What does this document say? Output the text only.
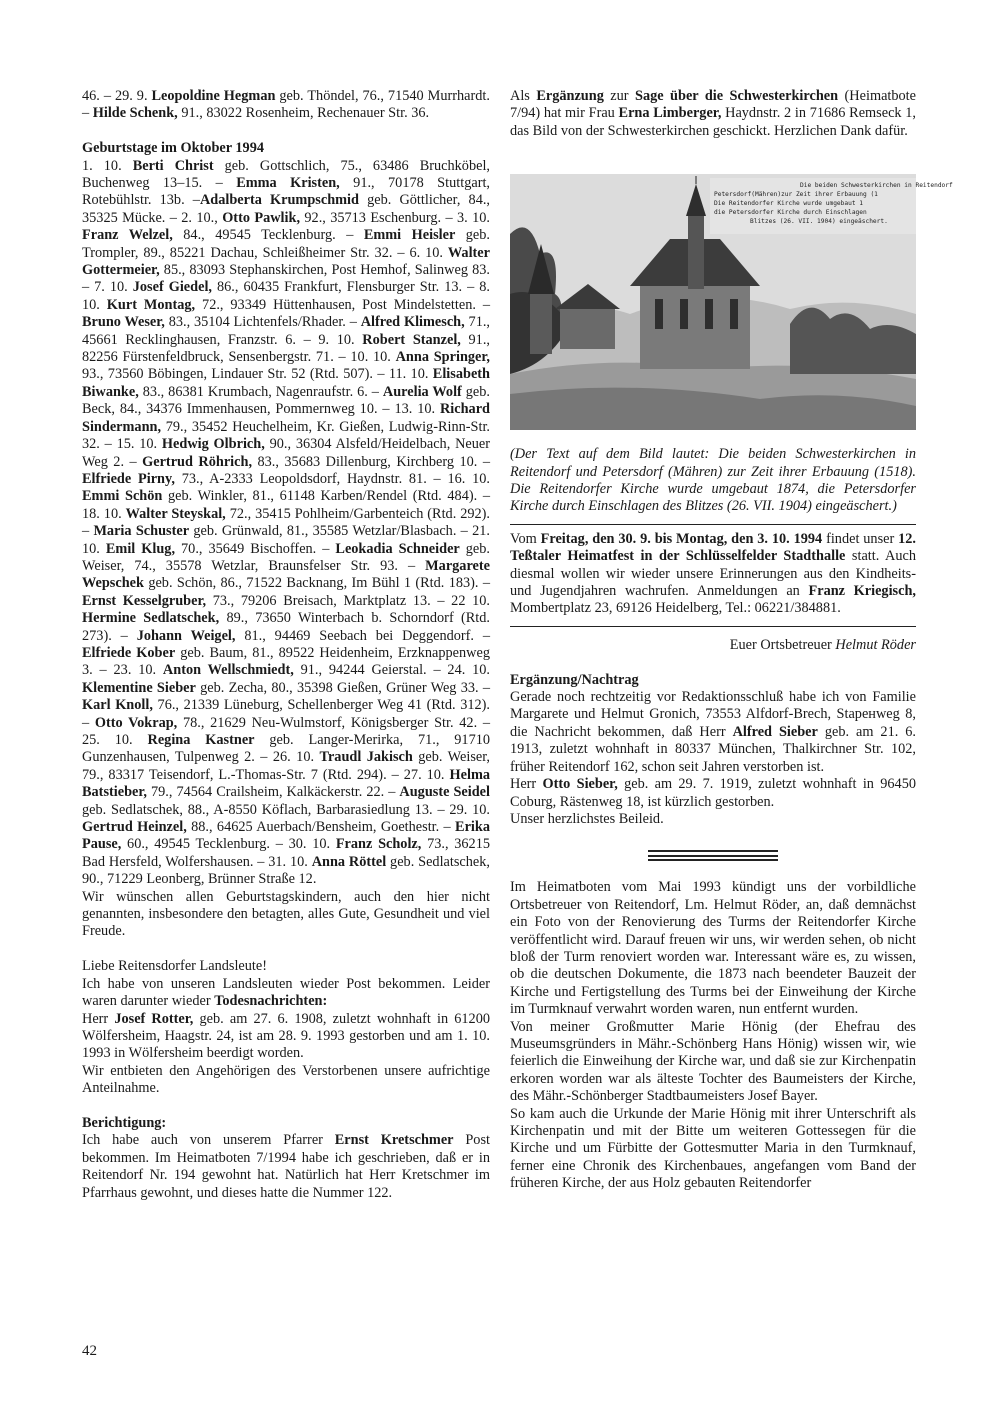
46. – 29. 9. Leopoldine Hegman geb. Thöndel, 76., 71540 Murrhardt. – Hilde Schenk, 91., 83022 Rosenheim, Rechenauer Str. 36.

Geburtstage im Oktober 1994

1. 10. Berti Christ geb. Gottschlich, 75., 63486 Bruchköbel, Buchenweg 13–15. – Emma Kristen, 91., 70178 Stuttgart, Rotebühlstr. 13b. –Adalberta Krumpschmid geb. Göttlicher, 84., 35325 Mücke. – 2. 10., Otto Pawlik, 92., 35713 Eschenburg. – 3. 10. Franz Welzel, 84., 49545 Tecklenburg. – Emmi Heisler geb. Trompler, 89., 85221 Dachau, Schleißheimer Str. 32. – 6. 10. Walter Gottermeier, 85., 83093 Stephanskirchen, Post Hemhof, Salinweg 83. – 7. 10. Josef Giedel, 86., 60435 Frankfurt, Flensburger Str. 13. – 8. 10. Kurt Montag, 72., 93349 Hüttenhausen, Post Mindelstetten. – Bruno Weser, 83., 35104 Lichtenfels/Rhader. – Alfred Klimesch, 71., 45661 Recklinghausen, Franzstr. 6. – 9. 10. Robert Stanzel, 91., 82256 Fürstenfeldbruck, Sensenbergstr. 71. – 10. 10. Anna Springer, 93., 73560 Böbingen, Lindauer Str. 52 (Rtd. 507). – 11. 10. Elisabeth Biwanke, 83., 86381 Krumbach, Nagenraufstr. 6. – Aurelia Wolf geb. Beck, 84., 34376 Immenhausen, Pommernweg 10. – 13. 10. Richard Sindermann, 79., 35452 Heuchelheim, Kr. Gießen, Ludwig-Rinn-Str. 32. – 15. 10. Hedwig Olbrich, 90., 36304 Alsfeld/Heidelbach, Neuer Weg 2. – Gertrud Röhrich, 83., 35683 Dillenburg, Kirchberg 10. – Elfriede Pirny, 73., A-2333 Leopoldsdorf, Haydnstr. 81. – 16. 10. Emmi Schön geb. Winkler, 81., 61148 Karben/Rendel (Rtd. 484). – 18. 10. Walter Steyskal, 72., 35415 Pohlheim/Garbenteich (Rtd. 292). – Maria Schuster geb. Grünwald, 81., 35585 Wetzlar/Blasbach. – 21. 10. Emil Klug, 70., 35649 Bischoffen. – Leokadia Schneider geb. Weiser, 74., 35578 Wetzlar, Braunsfelser Str. 93. – Margarete Wepschek geb. Schön, 86., 71522 Backnang, Im Bühl 1 (Rtd. 183). – Ernst Kesselgruber, 73., 79206 Breisach, Marktplatz 13. – 22 10. Hermine Sedlatschek, 89., 73650 Winterbach b. Schorndorf (Rtd. 273). – Johann Weigel, 81., 94469 Seebach bei Deggendorf. – Elfriede Kober geb. Baum, 81., 89522 Heidenheim, Erzknappenweg 3. – 23. 10. Anton Wellschmiedt, 91., 94244 Geierstal. – 24. 10. Klementine Sieber geb. Zecha, 80., 35398 Gießen, Grüner Weg 33. – Karl Knoll, 76., 21339 Lüneburg, Schellenberger Weg 41 (Rtd. 312). – Otto Vokrap, 78., 21629 Neu-Wulmstorf, Königsberger Str. 42. – 25. 10. Regina Kastner geb. Langer-Merirka, 71., 91710 Gunzenhausen, Tulpenweg 2. – 26. 10. Traudl Jakisch geb. Weiser, 79., 83317 Teisendorf, L.-Thomas-Str. 7 (Rtd. 294). – 27. 10. Helma Batstieber, 79., 74564 Crailsheim, Kalkäckerstr. 22. – Auguste Seidel geb. Sedlatschek, 88., A-8550 Köflach, Barbarasiedlung 13. – 29. 10. Gertrud Heinzel, 88., 64625 Auerbach/Bensheim, Goethestr. – Erika Pause, 60., 49545 Tecklenburg. – 30. 10. Franz Scholz, 73., 36215 Bad Hersfeld, Wolfershausen. – 31. 10. Anna Röttel geb. Sedlatschek, 90., 71229 Leonberg, Brünner Straße 12.

Wir wünschen allen Geburtstagskindern, auch den hier nicht genannten, insbesondere den betagten, alles Gute, Gesundheit und viel Freude.

Liebe Reitensdorfer Landsleute!

Ich habe von unseren Landsleuten wieder Post bekommen. Leider waren darunter wieder Todesnachrichten:

Herr Josef Rotter, geb. am 27. 6. 1908, zuletzt wohnhaft in 61200 Wölfersheim, Haagstr. 24, ist am 28. 9. 1993 gestorben und am 1. 10. 1993 in Wölfersheim beerdigt worden.

Wir entbieten den Angehörigen des Verstorbenen unsere aufrichtige Anteilnahme.

Berichtigung:

Ich habe auch von unserem Pfarrer Ernst Kretschmer Post bekommen. Im Heimatboten 7/1994 habe ich geschrieben, daß er in Reitendorf Nr. 194 gewohnt hat. Natürlich hat Herr Kretschmer im Pfarrhaus gewohnt, und dieses hatte die Nummer 122.

Als Ergänzung zur Sage über die Schwesterkirchen (Heimatbote 7/94) hat mir Frau Erna Limberger, Haydnstr. 2 in 71686 Remseck 1, das Bild von der Schwesterkirchen geschickt. Herzlichen Dank dafür.

Die beiden Schwesterkirchen in Reitendorf
Petersdorf(Mähren)zur Zeit ihrer Erbauung (1
Die Reitendorfer Kirche wurde umgebaut 1
die Petersdorfer Kirche durch Einschlagen
Blitzes (26. VII. 1904) eingeäschert.

(Der Text auf dem Bild lautet: Die beiden Schwesterkirchen in Reitendorf und Petersdorf (Mähren) zur Zeit ihrer Erbauung (1518). Die Reitendorfer Kirche wurde umgebaut 1874, die Petersdorfer Kirche durch Einschlagen des Blitzes (26. VII. 1904) eingeäschert.)

Vom Freitag, den 30. 9. bis Montag, den 3. 10. 1994 findet unser 12. Teßtaler Heimatfest in der Schlüsselfelder Stadthalle statt. Auch diesmal wollen wir wieder unsere Erinnerungen aus den Kindheits- und Jugendjahren wachrufen. Anmeldungen an Franz Kriegisch, Mombertplatz 23, 69126 Heidelberg, Tel.: 06221/384881.

Euer Ortsbetreuer Helmut Röder

Ergänzung/Nachtrag

Gerade noch rechtzeitig vor Redaktionsschluß habe ich von Familie Margarete und Helmut Gronich, 73553 Alfdorf-Brech, Staренweg 8, die Nachricht bekommen, daß Herr Alfred Sieber geb. am 21. 6. 1913, zuletzt wohnhaft in 80337 München, Thalkirchner Str. 102, früher Reitendorf 162, schon seit Jahren verstorben ist.

Herr Otto Sieber, geb. am 29. 7. 1919, zuletzt wohnhaft in 96450 Coburg, Rästenweg 18, ist kürzlich gestorben.

Unser herzlichstes Beileid.

Im Heimatboten vom Mai 1993 kündigt uns der vorbildliche Ortsbetreuer von Reitendorf, Lm. Helmut Röder, an, daß demnächst ein Foto von der Renovierung des Turms der Reitendorfer Kirche veröffentlicht wird. Darauf freuen wir uns, wir werden sehen, ob nicht bloß der Turm renoviert worden war. Interessant wäre es, zu wissen, ob die deutschen Dokumente, die 1873 nach beendeter Bauzeit der Kirche und Fertigstellung des Turms bei der Einweihung der Kirche im Turmknauf verwahrt worden waren, nun entfernt wurden.

Von meiner Großmutter Marie Hönig (der Ehefrau des Museumsgründers in Mähr.-Schönberg Hans Hönig) wissen wir, wie feierlich die Einweihung der Kirche war, und daß sie zur Kirchenpatin erkoren worden war als älteste Tochter des Baumeisters der Kirche, des Mähr.-Schönberger Stadtbaumeisters Josef Bayer.

So kam auch die Urkunde der Marie Hönig mit ihrer Unterschrift als Kirchenpatin und mit der Bitte um weiteren Gottessegen für die Kirche und um Fürbitte der Gottesmutter Maria in den Turmknauf, ferner eine Chronik des Kirchenbaues, angefangen vom Band der früheren Kirche, der aus Holz gebauten Reitendorfer

42
